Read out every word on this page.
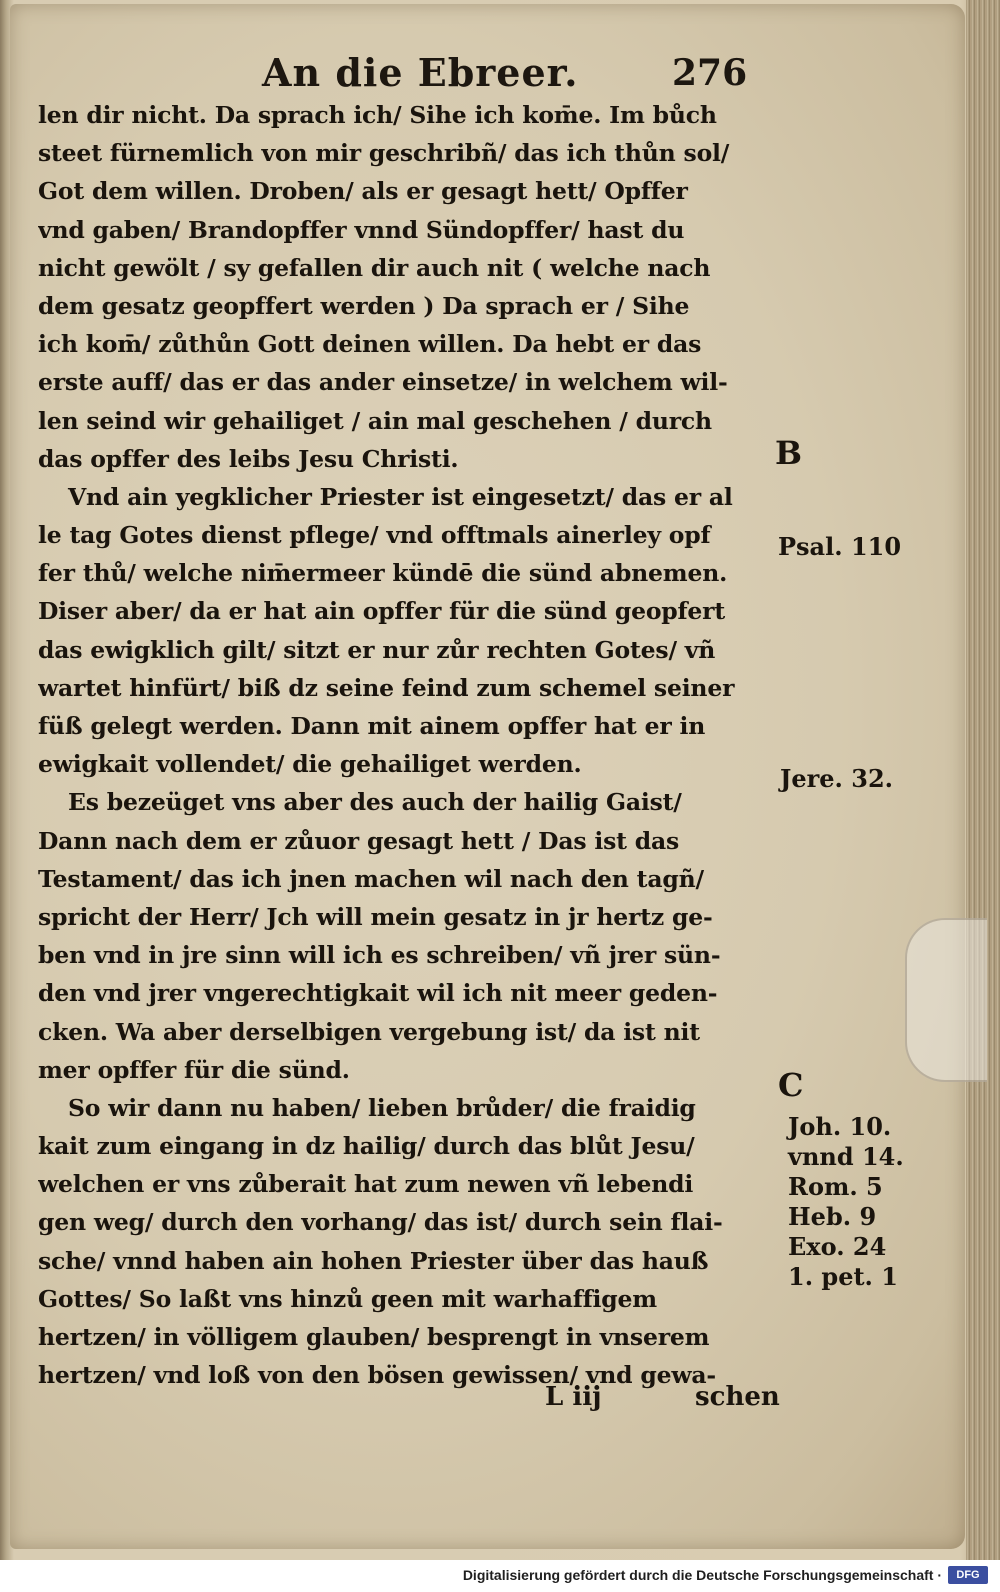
An die Ebreer.	276
len dir nicht. Da sprach ich/ Sihe ich kom̄e. Im bůch
steet fürnemlich von mir geschribñ/ das ich thůn sol/
Got dem willen. Droben/ als er gesagt hett/ Opffer
vnd gaben/ Brandopffer vnnd Sündopffer/ hast du
nicht gewölt / sy gefallen dir auch nit ( welche nach
dem gesatz geopffert werden ) Da sprach er / Sihe
ich kom̄/ zůthůn Gott deinen willen. Da hebt er das
erste auff/ das er das ander einsetze/ in welchem wil-
len seind wir gehailiget / ain mal geschehen / durch
das opffer des leibs Jesu Christi.
Vnd ain yegklicher Priester ist eingesetzt/ das er al
le tag Gotes dienst pflege/ vnd offtmals ainerley opf
fer thů/ welche nim̄ermeer kündē die sünd abnemen.
Diser aber/ da er hat ain opffer für die sünd geopfert
das ewigklich gilt/ sitzt er nur zůr rechten Gotes/ vñ
wartet hinfürt/ biß dz seine feind zum schemel seiner
füß gelegt werden. Dann mit ainem opffer hat er in
ewigkait vollendet/ die gehailiget werden.
Es bezeüget vns aber des auch der hailig Gaist/
Dann nach dem er zůuor gesagt hett / Das ist das
Testament/ das ich jnen machen wil nach den tagñ/
spricht der Herr/ Jch will mein gesatz in jr hertz ge-
ben vnd in jre sinn will ich es schreiben/ vñ jrer sün-
den vnd jrer vngerechtigkait wil ich nit meer geden-
cken. Wa aber derselbigen vergebung ist/ da ist nit
mer opffer für die sünd.
So wir dann nu haben/ lieben brůder/ die fraidig
kait zum eingang in dz hailig/ durch das blůt Jesu/
welchen er vns zůberait hat zum newen vñ lebendi
gen weg/ durch den vorhang/ das ist/ durch sein flai-
sche/ vnnd haben ain hohen Priester über das hauß
Gottes/ So laßt vns hinzů geen mit warhaffigem
hertzen/ in völligem glauben/ besprengt in vnserem
hertzen/ vnd loß von den bösen gewissen/ vnd gewa-
B
Psal. 110
Jere. 32.
C
Joh. 10.
vnnd 14.
Rom. 5
Heb. 9
Exo. 24
1. pet. 1
L iij	schen
Digitalisierung gefördert durch die Deutsche Forschungsgemeinschaft ·	DFG
